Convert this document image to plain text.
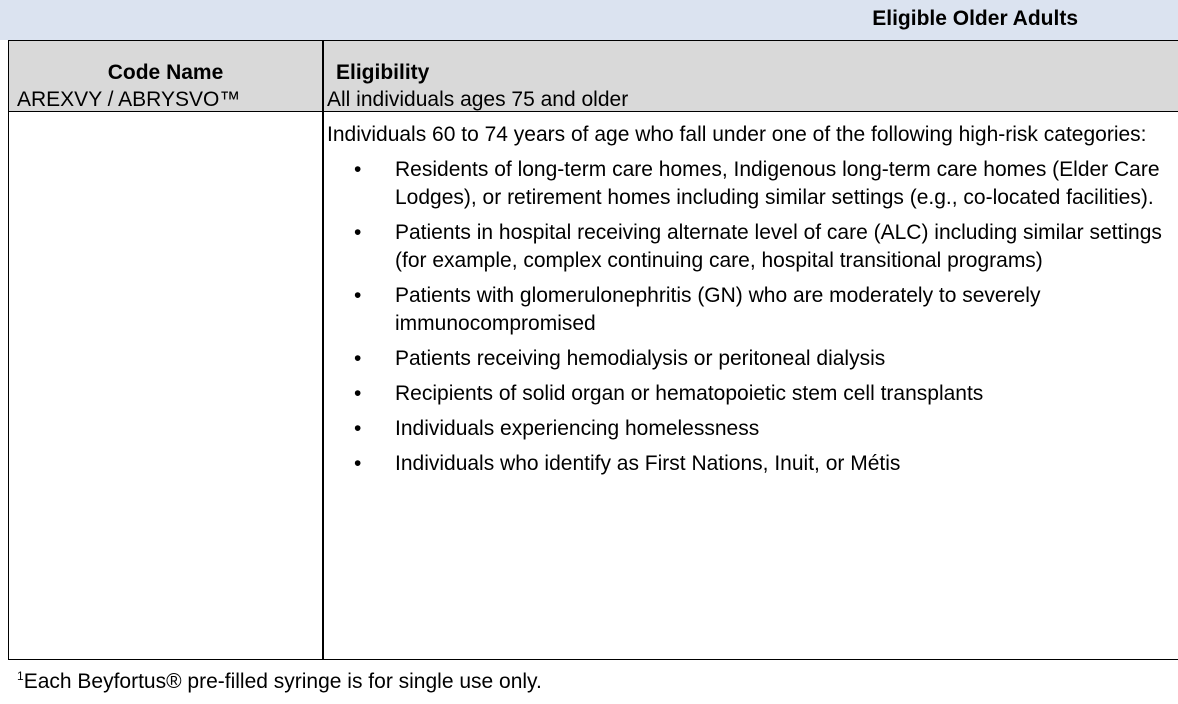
Eligible Older Adults
Code Name	Eligibility
AREXVY / ABRYSVO™	All individuals ages 75 and older

Individuals 60 to 74 years of age who fall under one of the following high-risk categories:

• Residents of long-term care homes, Indigenous long-term care homes (Elder Care Lodges), or retirement homes including similar settings (e.g., co-located facilities).
• Patients in hospital receiving alternate level of care (ALC) including similar settings (for example, complex continuing care, hospital transitional programs)
• Patients with glomerulonephritis (GN) who are moderately to severely immunocompromised
• Patients receiving hemodialysis or peritoneal dialysis
• Recipients of solid organ or hematopoietic stem cell transplants
• Individuals experiencing homelessness
• Individuals who identify as First Nations, Inuit, or Métis
$^1$Each Beyfortus® pre-filled syringe is for single use only.
